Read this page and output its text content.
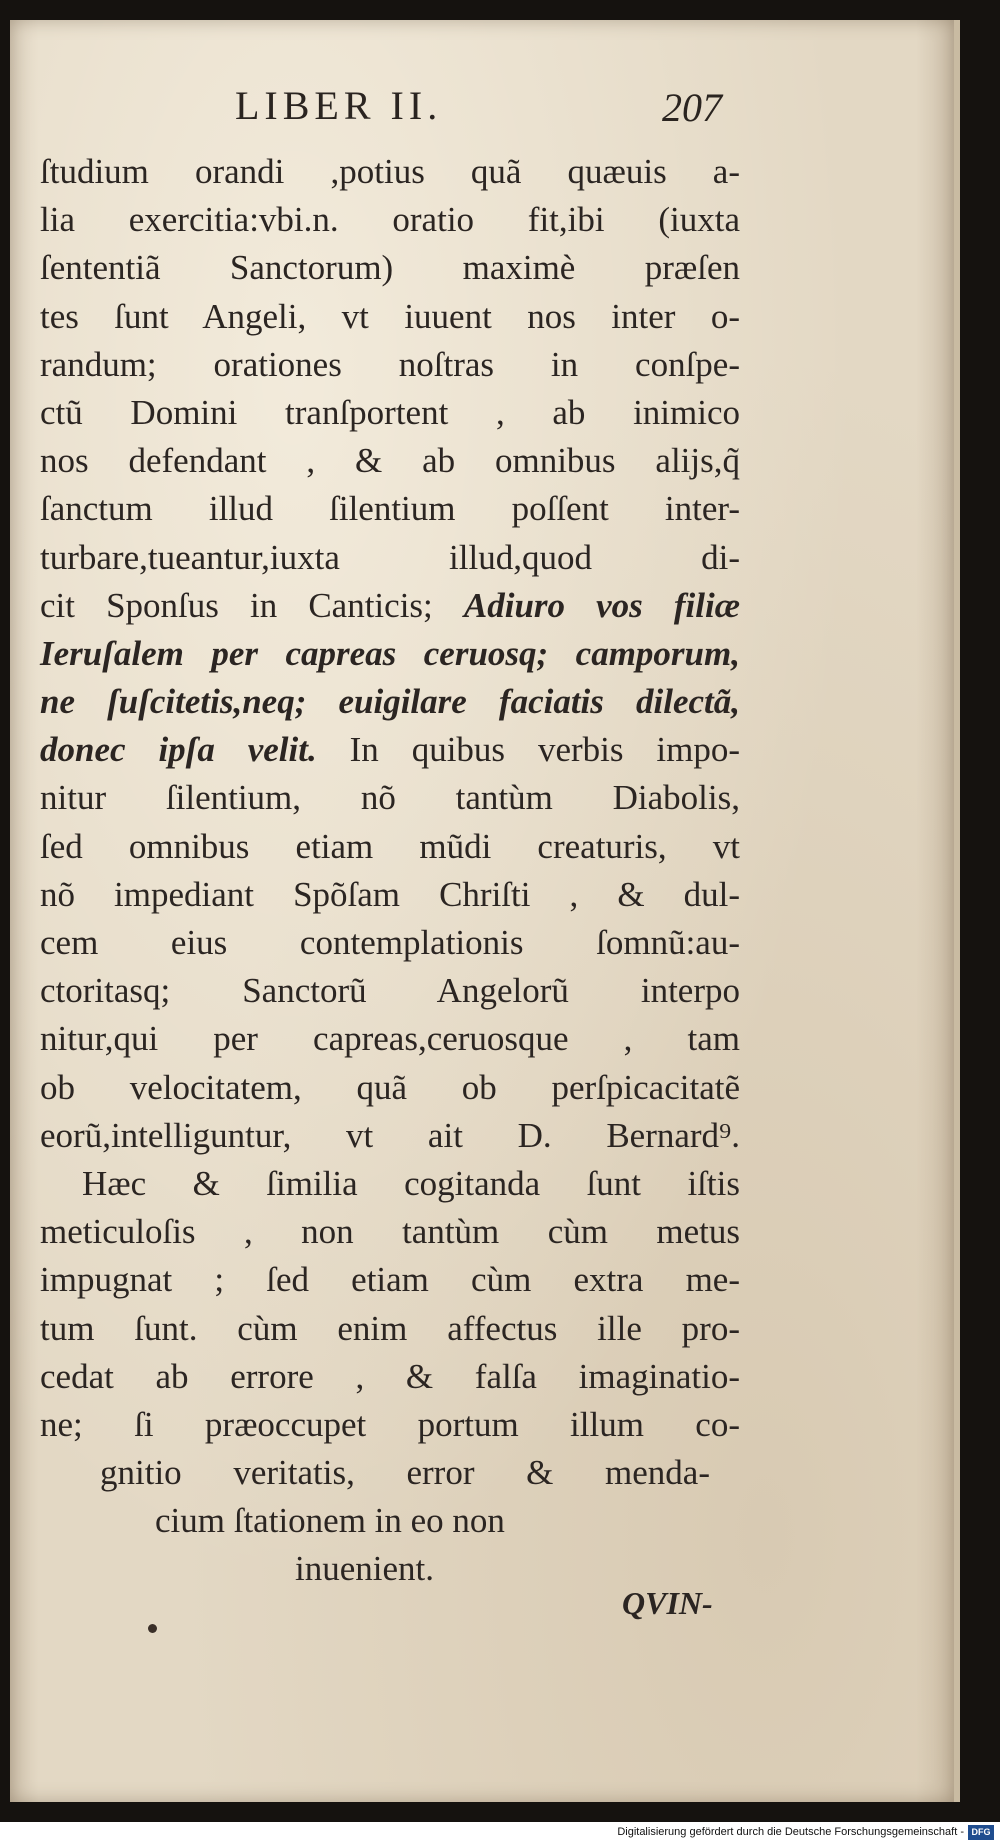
LIBER II.	207
ſtudium orandi ,potius quã quæuis a-
lia exercitia:vbi.n. oratio fit,ibi (iuxta
ſententiã Sanctorum) maximè præſen
tes ſunt Angeli, vt iuuent nos inter o-
randum; orationes noſtras in conſpe-
ctũ Domini tranſportent , ab inimico
nos defendant , & ab omnibus alijs,q̃
ſanctum illud ſilentium poſſent inter-
turbare,tueantur,iuxta illud,quod di-
cit Sponſus in Canticis; Adiuro vos filiæ
Ieruſalem per capreas ceruosq; camporum,
ne ſuſcitetis,neq; euigilare faciatis dilectã,
donec ipſa velit. In quibus verbis impo-
nitur ſilentium, nõ tantùm Diabolis,
ſed omnibus etiam mũdi creaturis, vt
nõ impediant Spõſam Chriſti , & dul-
cem eius contemplationis ſomnũ:au-
ctoritasq; Sanctorũ Angelorũ interpo
nitur,qui per capreas,ceruosque , tam
ob velocitatem, quã ob perſpicacitatẽ
eorũ,intelliguntur, vt ait D. Bernard⁹.
Hæc & ſimilia cogitanda ſunt iſtis
meticuloſis , non tantùm cùm metus
impugnat ; ſed etiam cùm extra me-
tum ſunt. cùm enim affectus ille pro-
cedat ab errore , & falſa imaginatio-
ne; ſi præoccupet portum illum co-
gnitio veritatis, error & menda-
cium ſtationem in eo non
inuenient.
QVIN-
Digitalisierung gefördert durch die Deutsche Forschungsgemeinschaft - DFG
